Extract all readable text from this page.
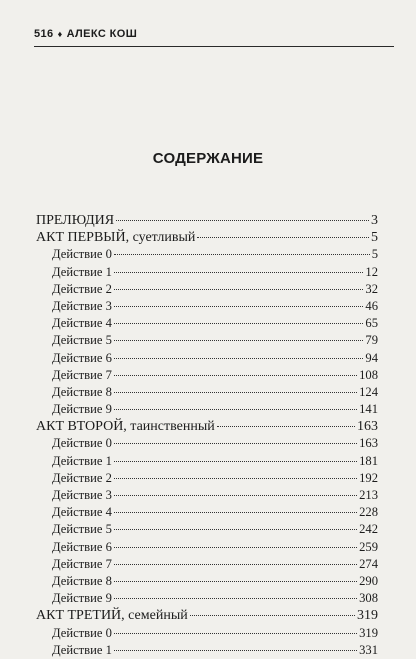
516 ♦ АЛЕКС КОШ
СОДЕРЖАНИЕ
ПРЕЛЮДИЯ	3
АКТ ПЕРВЫЙ, суетливый	5
Действие 0	5
Действие 1	12
Действие 2	32
Действие 3	46
Действие 4	65
Действие 5	79
Действие 6	94
Действие 7	108
Действие 8	124
Действие 9	141
АКТ ВТОРОЙ, таинственный	163
Действие 0	163
Действие 1	181
Действие 2	192
Действие 3	213
Действие 4	228
Действие 5	242
Действие 6	259
Действие 7	274
Действие 8	290
Действие 9	308
АКТ ТРЕТИЙ, семейный	319
Действие 0	319
Действие 1	331
